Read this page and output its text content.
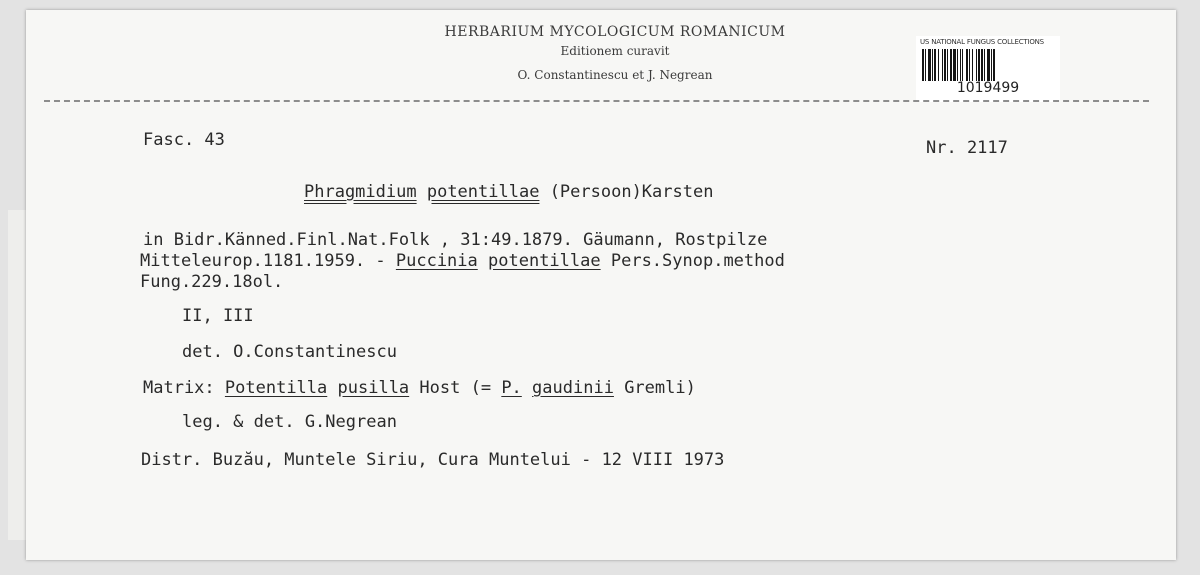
HERBARIUM MYCOLOGICUM ROMANICUM
Editionem curavit
O. Constantinescu et J. Negrean
US NATIONAL FUNGUS COLLECTIONS
1019499
Fasc. 43	Nr. 2117
Phragmidium potentillae (Persoon)Karsten
in Bidr.Känned.Finl.Nat.Folk , 31:49.1879. Gäumann, Rostpilze
Mitteleurop.1181.1959. - Puccinia potentillae Pers.Synop.method
Fung.229.18ol.
II, III
det. O.Constantinescu
Matrix: Potentilla pusilla Host (= P. gaudinii Gremli)
leg. & det. G.Negrean
Distr. Buzău, Muntele Siriu, Cura Muntelui - 12 VIII 1973
